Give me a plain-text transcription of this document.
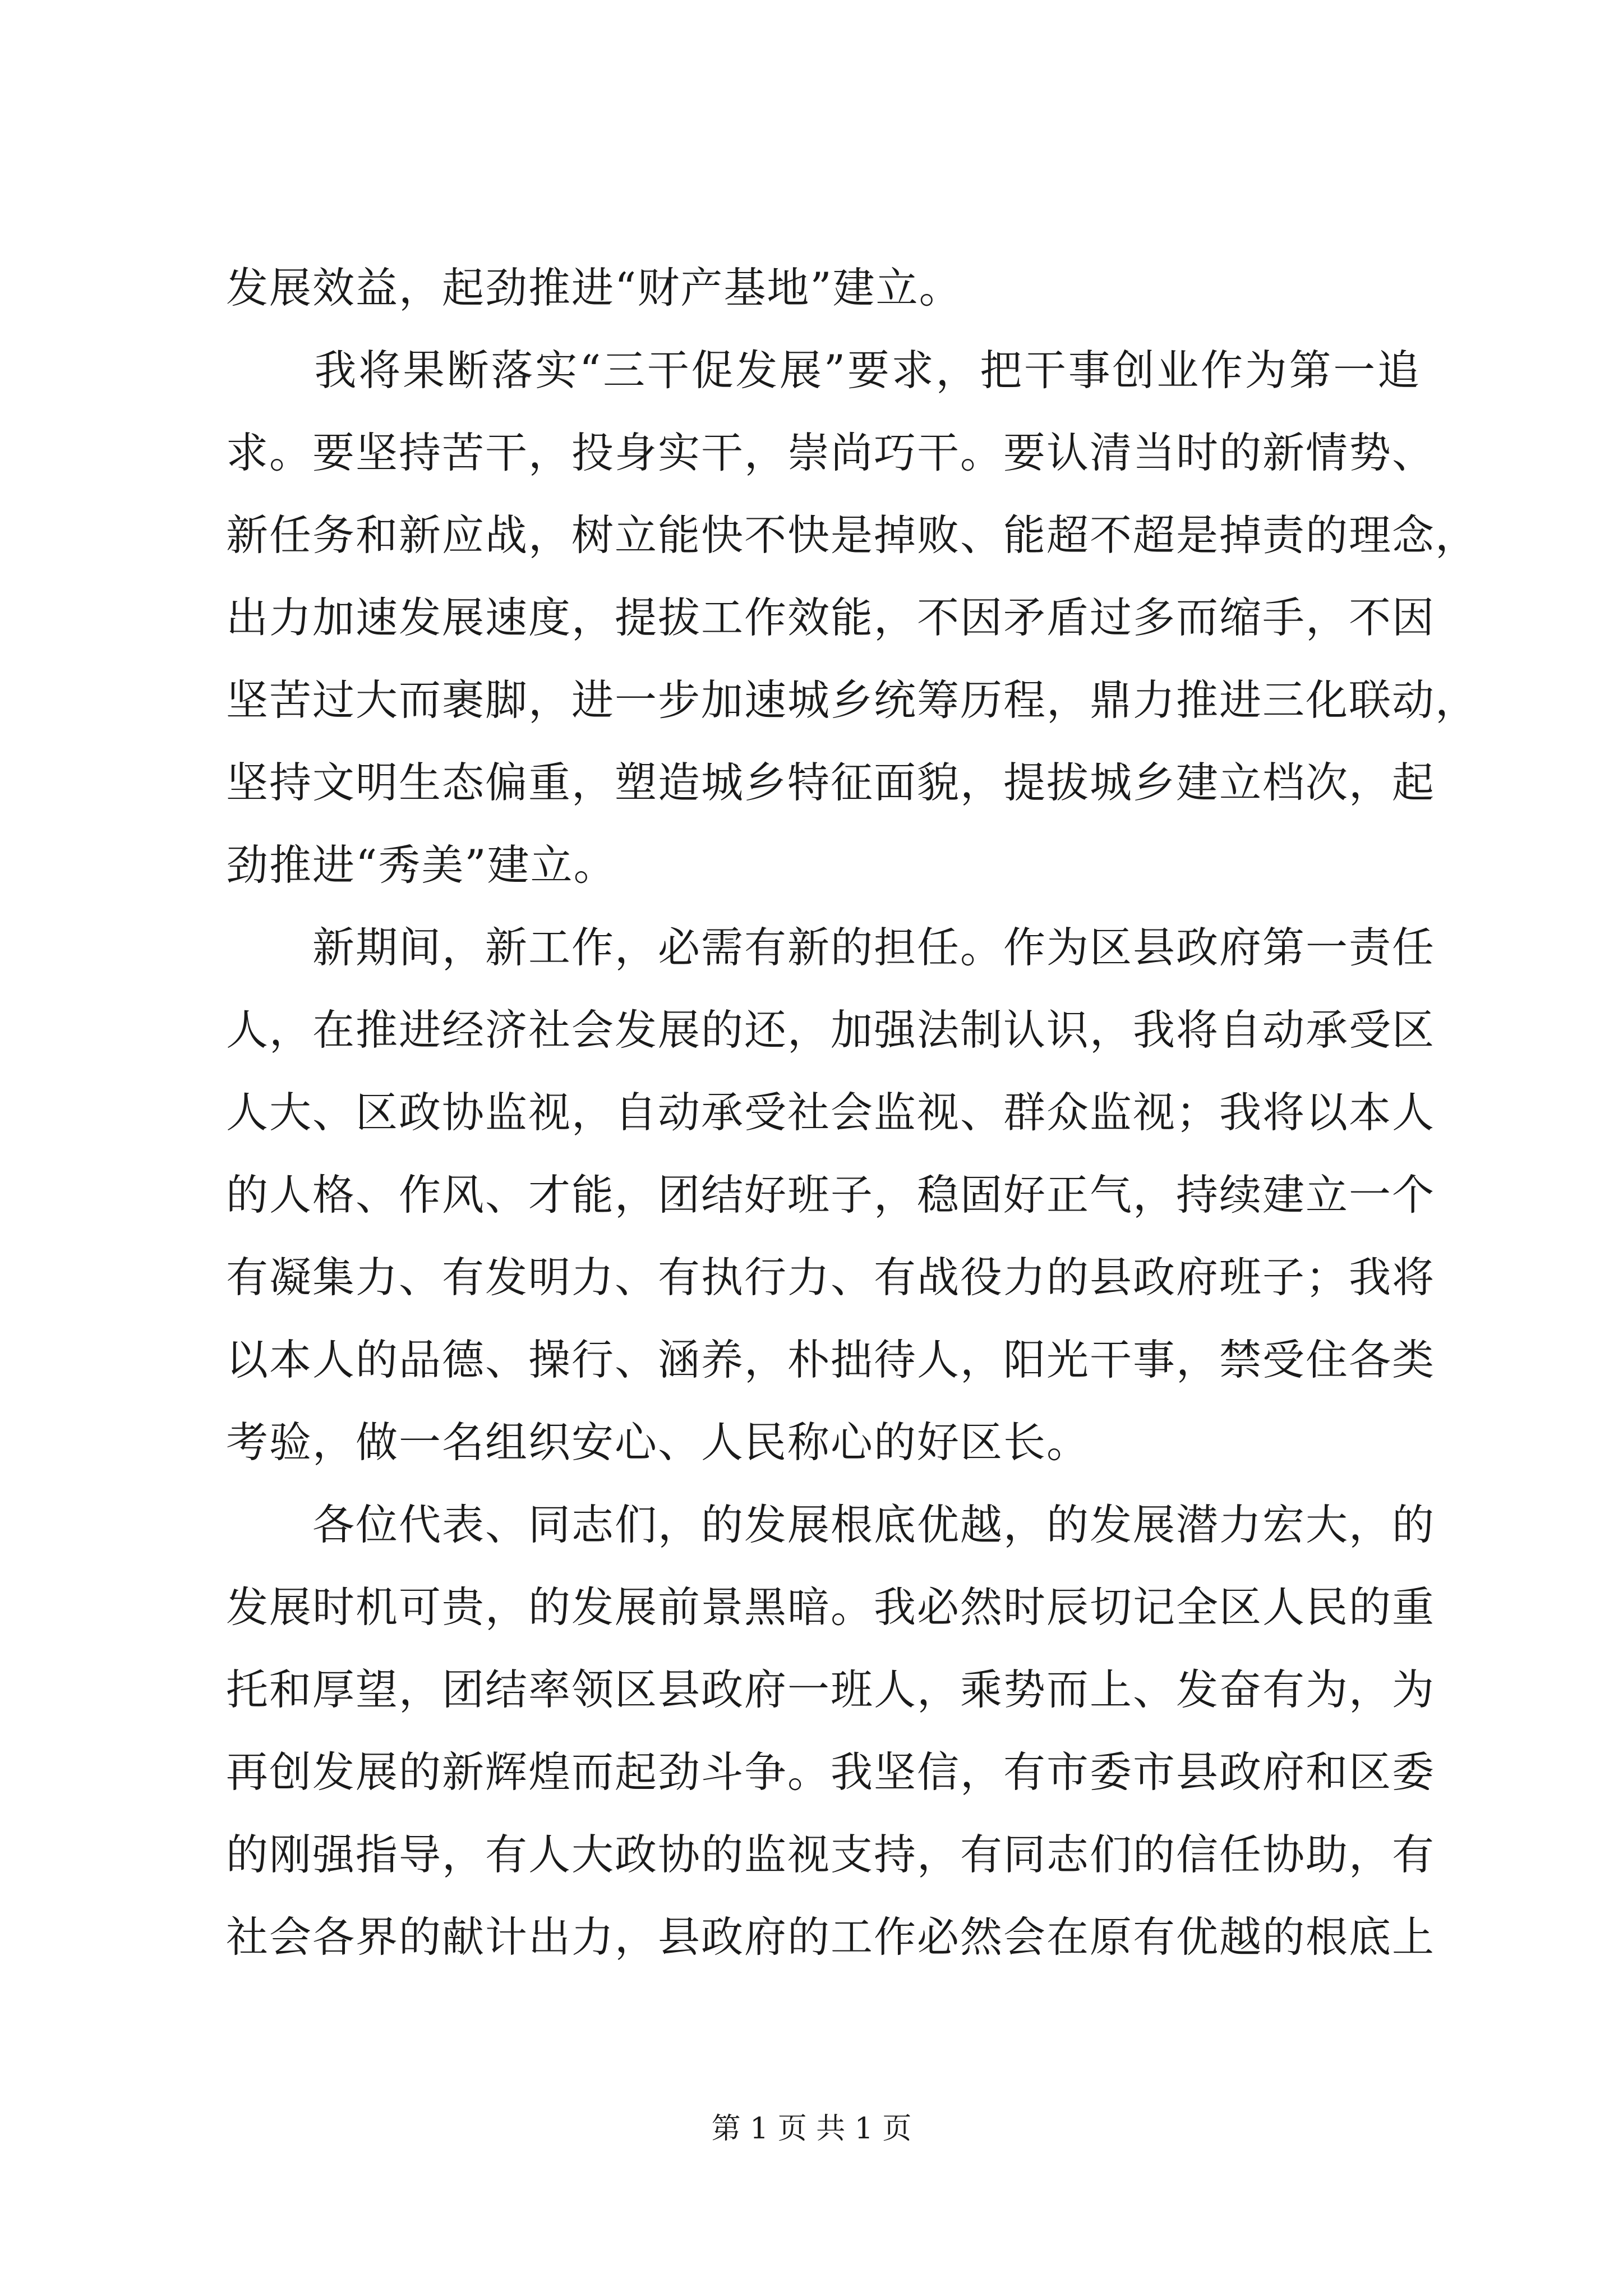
发展效益，起劲推进“财产基地”建立。
　　我将果断落实“三干促发展”要求，把干事创业作为第一追
求。要坚持苦干，投身实干，崇尚巧干。要认清当时的新情势、
新任务和新应战，树立能快不快是掉败、能超不超是掉责的理念，
出力加速发展速度，提拔工作效能，不因矛盾过多而缩手，不因
坚苦过大而裹脚，进一步加速城乡统筹历程，鼎力推进三化联动，
坚持文明生态偏重，塑造城乡特征面貌，提拔城乡建立档次，起
劲推进“秀美”建立。
　　新期间，新工作，必需有新的担任。作为区县政府第一责任
人，在推进经济社会发展的还，加强法制认识，我将自动承受区
人大、区政协监视，自动承受社会监视、群众监视；我将以本人
的人格、作风、才能，团结好班子，稳固好正气，持续建立一个
有凝集力、有发明力、有执行力、有战役力的县政府班子；我将
以本人的品德、操行、涵养，朴拙待人，阳光干事，禁受住各类
考验，做一名组织安心、人民称心的好区长。
　　各位代表、同志们，的发展根底优越，的发展潜力宏大，的
发展时机可贵，的发展前景黑暗。我必然时辰切记全区人民的重
托和厚望，团结率领区县政府一班人，乘势而上、发奋有为，为
再创发展的新辉煌而起劲斗争。我坚信，有市委市县政府和区委
的刚强指导，有人大政协的监视支持，有同志们的信任协助，有
社会各界的献计出力，县政府的工作必然会在原有优越的根底上
第 1 页 共 1 页
